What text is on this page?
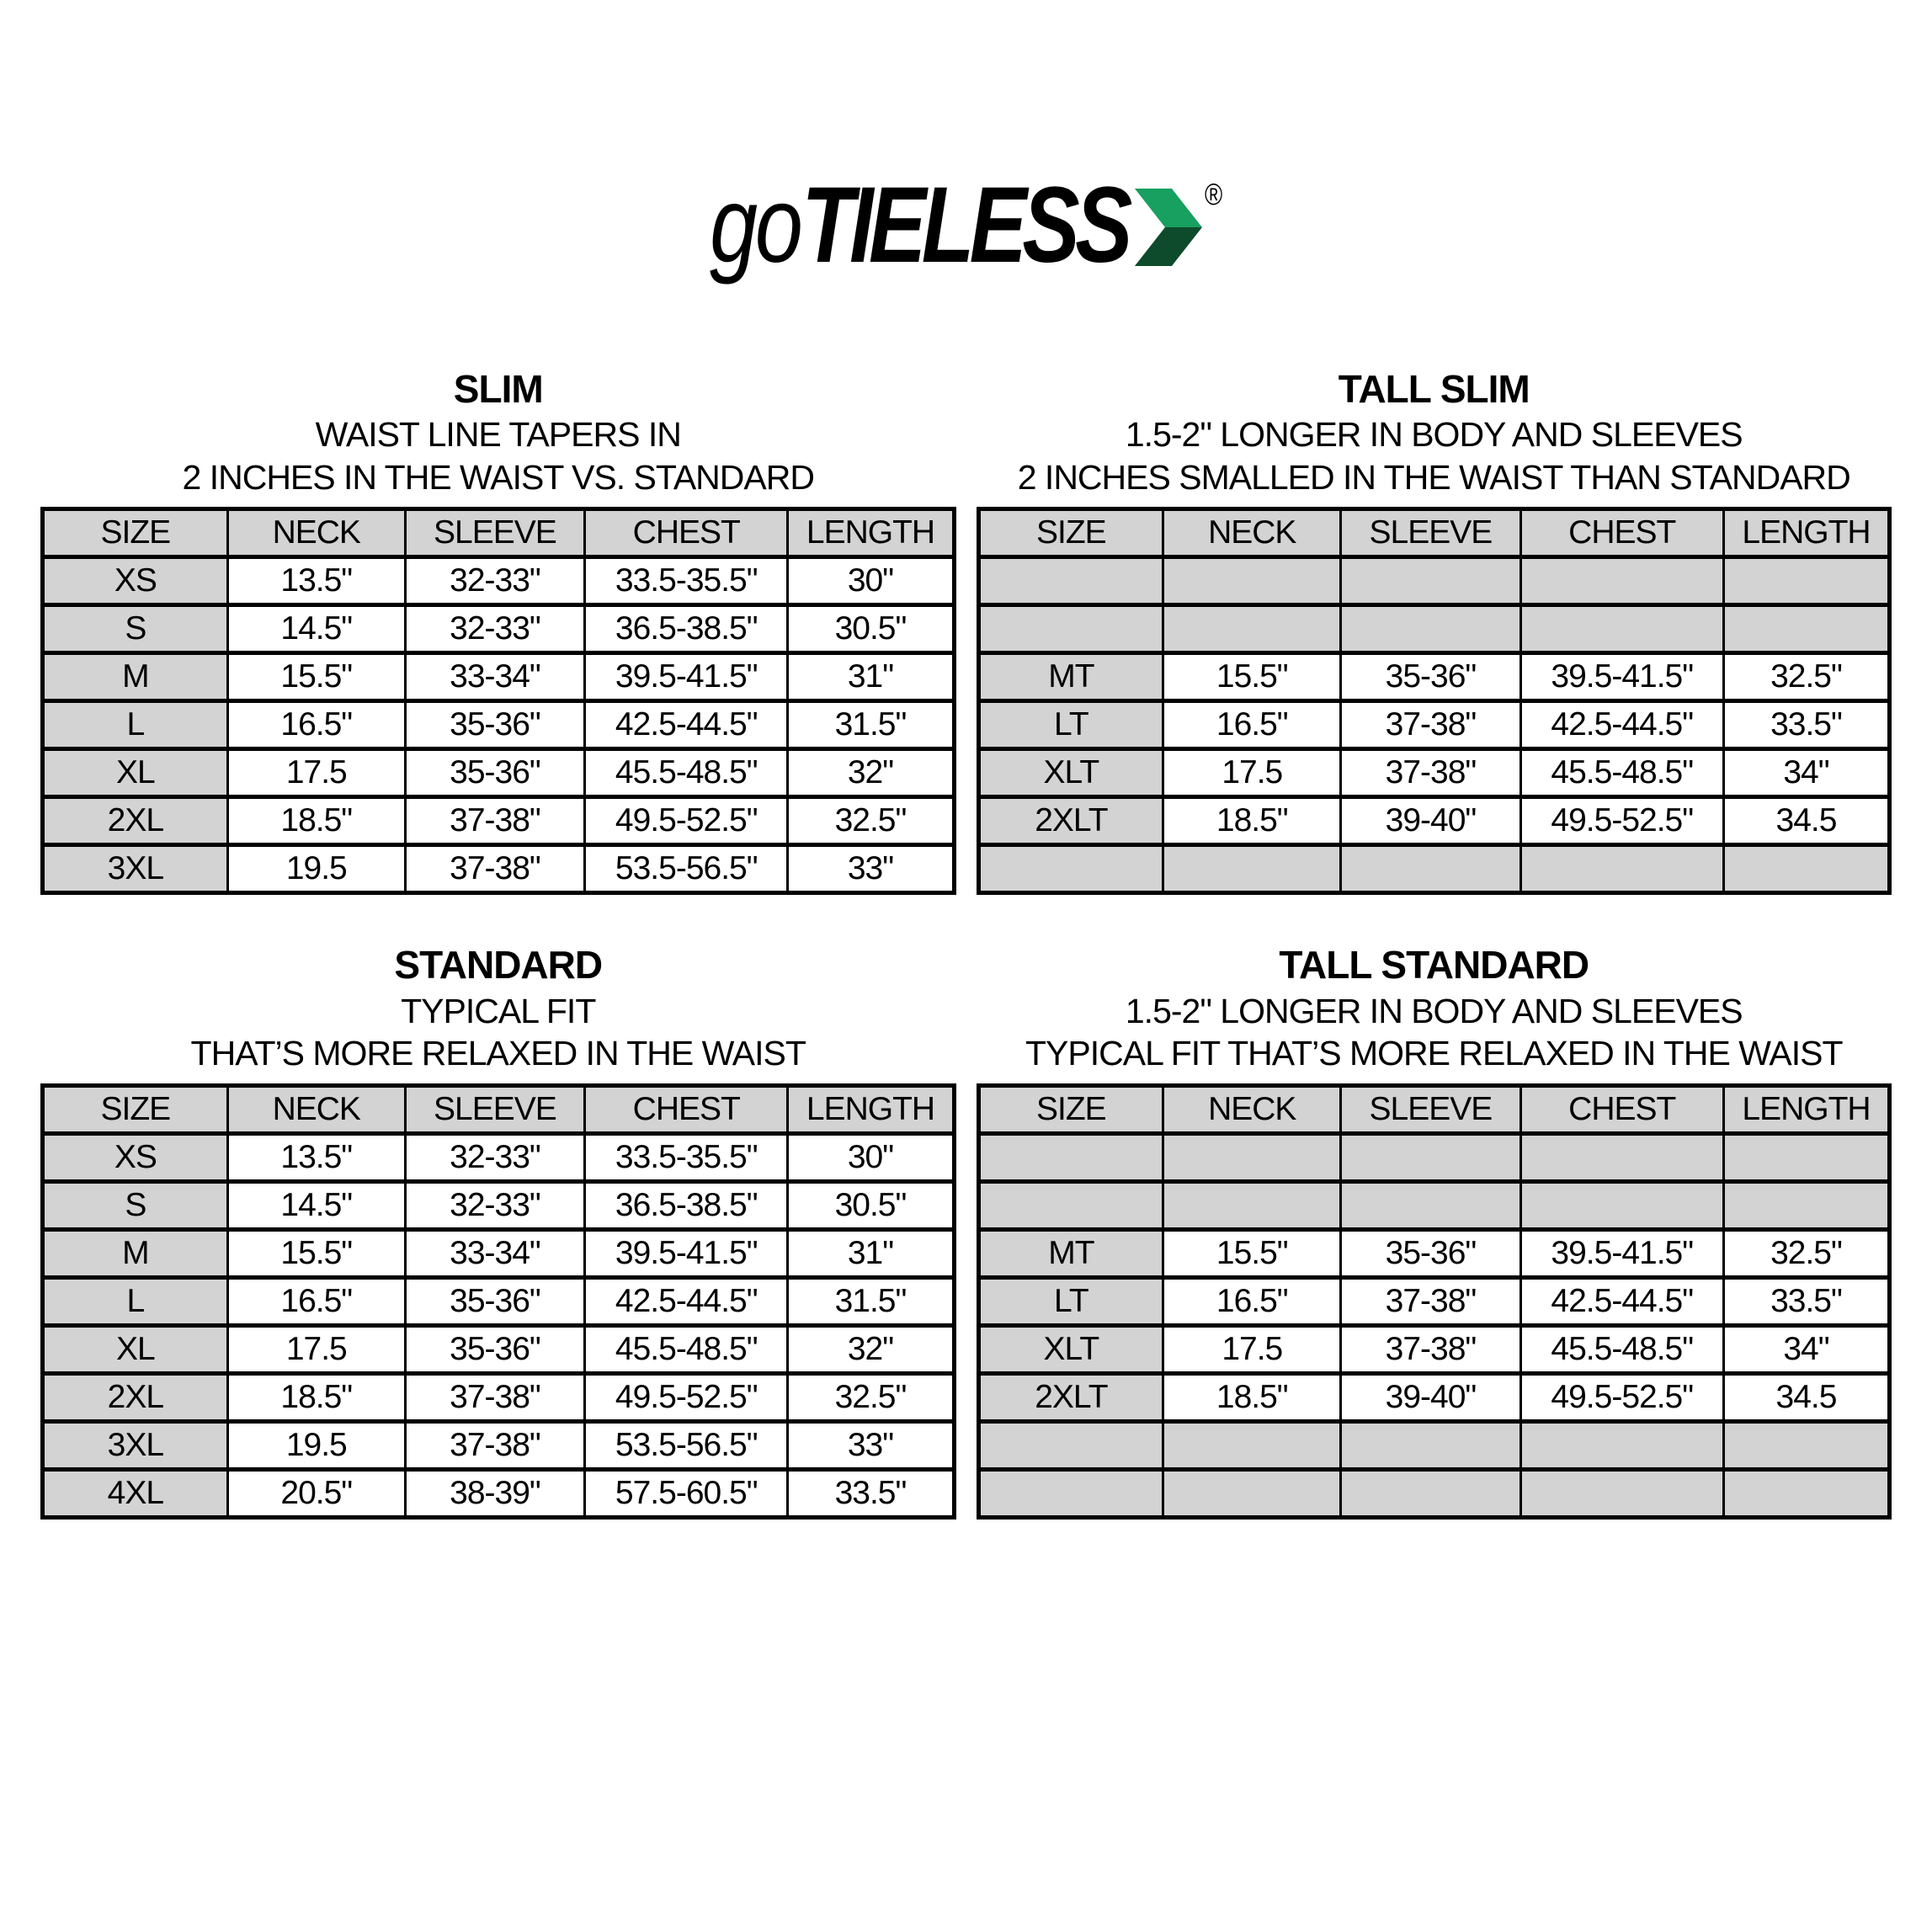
go TIELESS	®
SLIM
WAIST LINE TAPERS IN
2 INCHES IN THE WAIST VS. STANDARD
SIZE	NECK	SLEEVE	CHEST	LENGTH
XS	13.5"	32-33"	33.5-35.5"	30"
S	14.5"	32-33"	36.5-38.5"	30.5"
M	15.5"	33-34"	39.5-41.5"	31"
L	16.5"	35-36"	42.5-44.5"	31.5"
XL	17.5	35-36"	45.5-48.5"	32"
2XL	18.5"	37-38"	49.5-52.5"	32.5"
3XL	19.5	37-38"	53.5-56.5"	33"
TALL SLIM
1.5-2" LONGER IN BODY AND SLEEVES
2 INCHES SMALLED IN THE WAIST THAN STANDARD
SIZE	NECK	SLEEVE	CHEST	LENGTH

MT	15.5"	35-36"	39.5-41.5"	32.5"
LT	16.5"	37-38"	42.5-44.5"	33.5"
XLT	17.5	37-38"	45.5-48.5"	34"
2XLT	18.5"	39-40"	49.5-52.5"	34.5

STANDARD
TYPICAL FIT
THAT’S MORE RELAXED IN THE WAIST
SIZE	NECK	SLEEVE	CHEST	LENGTH
XS	13.5"	32-33"	33.5-35.5"	30"
S	14.5"	32-33"	36.5-38.5"	30.5"
M	15.5"	33-34"	39.5-41.5"	31"
L	16.5"	35-36"	42.5-44.5"	31.5"
XL	17.5	35-36"	45.5-48.5"	32"
2XL	18.5"	37-38"	49.5-52.5"	32.5"
3XL	19.5	37-38"	53.5-56.5"	33"
4XL	20.5"	38-39"	57.5-60.5"	33.5"
TALL STANDARD
1.5-2" LONGER IN BODY AND SLEEVES
TYPICAL FIT THAT’S MORE RELAXED IN THE WAIST
SIZE	NECK	SLEEVE	CHEST	LENGTH

MT	15.5"	35-36"	39.5-41.5"	32.5"
LT	16.5"	37-38"	42.5-44.5"	33.5"
XLT	17.5	37-38"	45.5-48.5"	34"
2XLT	18.5"	39-40"	49.5-52.5"	34.5
